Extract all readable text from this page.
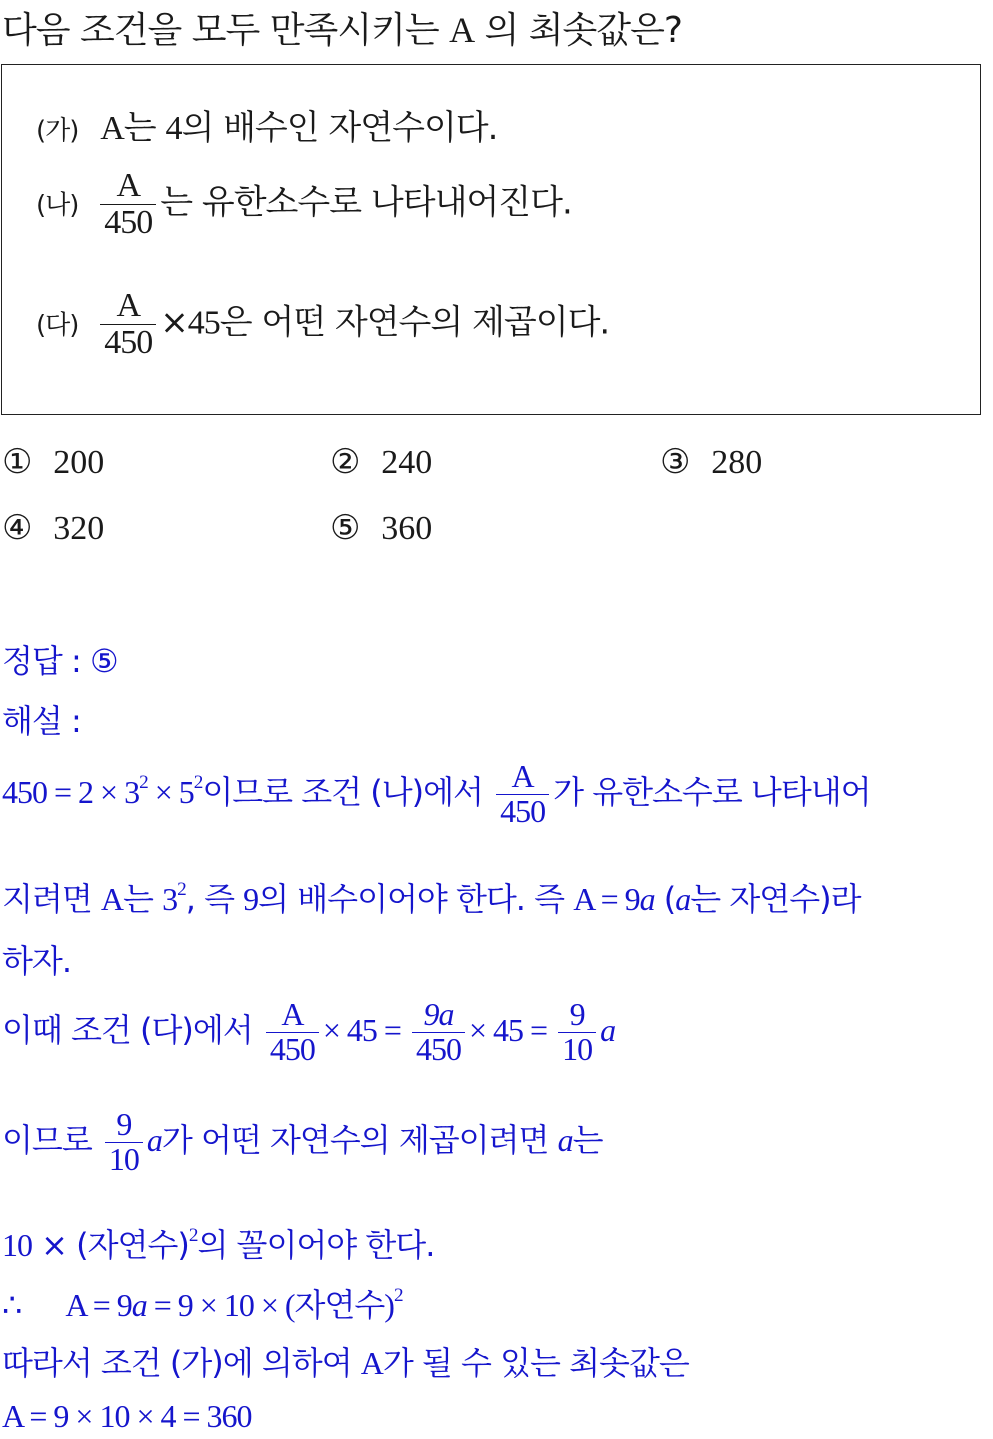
다음 조건을 모두 만족시키는 A 의 최솟값은?
(가) A는 4의 배수인 자연수이다.
(나) $\frac{A}{450}$ 는 유한소수로 나타내어진다.
(다) $\frac{A}{450} \times 45$은 어떤 자연수의 제곱이다.
① 200	② 240	③ 280
④ 320	⑤ 360
정답 : ⑤
해설 :
$450 = 2 \times 3^2 \times 5^2$이므로 조건 (나)에서 $\frac{A}{450}$ 가 유한소수로 나타내어
지려면 A는 $3^2$, 즉 9의 배수이어야 한다. 즉 A = 9a (a는 자연수)라
하자.
이때 조건 (다)에서 $\frac{A}{450} \times 45 = \frac{9a}{450} \times 45 = \frac{9}{10}$ a
이므로 $\frac{9}{10}$ a가 어떤 자연수의 제곱이려면 a는
10 × (자연수)$^2$의 꼴이어야 한다.
∴ A = 9a = 9 × 10 × (자연수)$^2$
따라서 조건 (가)에 의하여 A가 될 수 있는 최솟값은
A = 9 × 10 × 4 = 360
